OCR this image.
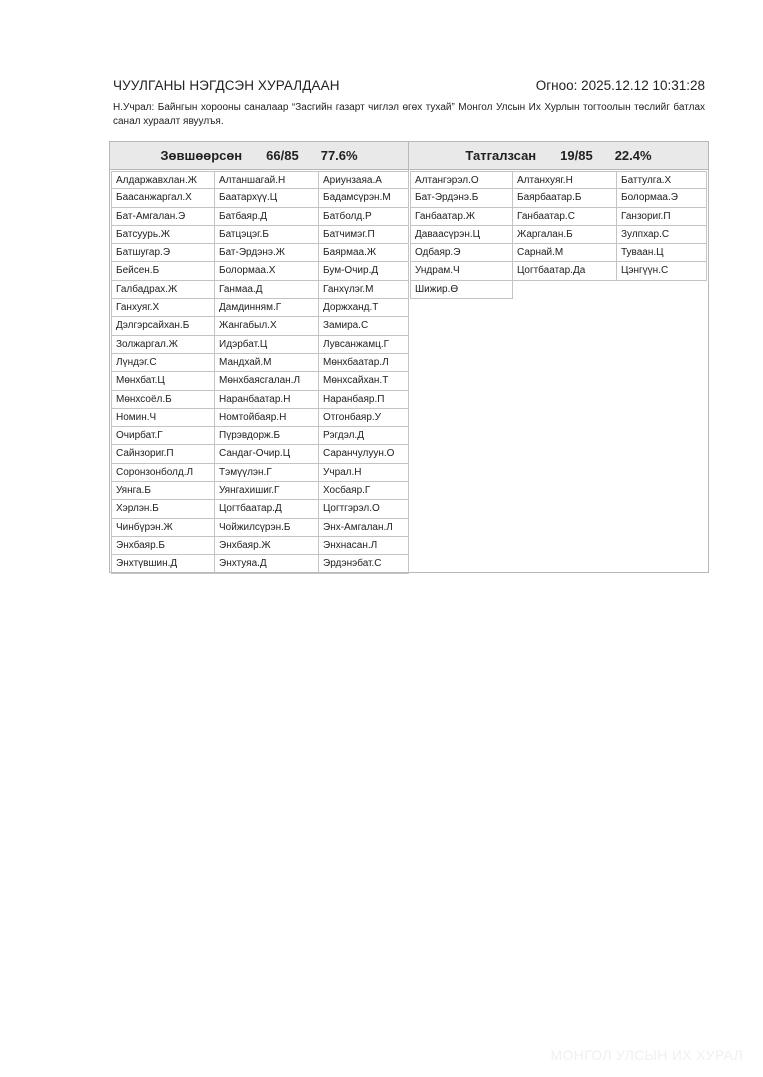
ЧУУЛГАНЫ НЭГДСЭН ХУРАЛДААН	Огноо: 2025.12.12 10:31:28
Н.Учрал: Байнгын хорооны саналаар “Засгийн газарт чиглэл өгөх тухай” Монгол Улсын Их Хурлын тогтоолын төслийг батлах санал хураалт явуулъя.
Зөвшөөрсөн 66/85 77.6%
Алдаржавхлан.Ж	Алтаншагай.Н	Ариунзаяа.А
Баасанжаргал.Х	Баатархүү.Ц	Бадамсүрэн.М
Бат-Амгалан.Э	Батбаяр.Д	Батболд.Р
Батсуурь.Ж	Батцэцэг.Б	Батчимэг.П
Батшугар.Э	Бат-Эрдэнэ.Ж	Баярмаа.Ж
Бейсен.Б	Болормаа.Х	Бум-Очир.Д
Галбадрах.Ж	Ганмаа.Д	Ганхүлэг.М
Ганхуяг.Х	Дамдинням.Г	Доржханд.Т
Дэлгэрсайхан.Б	Жангабыл.Х	Замира.С
Золжаргал.Ж	Идэрбат.Ц	Лувсанжамц.Г
Лүндэг.С	Мандхай.М	Мөнхбаатар.Л
Мөнхбат.Ц	Мөнхбаясгалан.Л	Мөнхсайхан.Т
Мөнхсоёл.Б	Наранбаатар.Н	Наранбаяр.П
Номин.Ч	Номтойбаяр.Н	Отгонбаяр.У
Очирбат.Г	Пүрэвдорж.Б	Рэгдэл.Д
Сайнзориг.П	Сандаг-Очир.Ц	Саранчулуун.О
Соронзонболд.Л	Тэмүүлэн.Г	Учрал.Н
Уянга.Б	Уянгахишиг.Г	Хосбаяр.Г
Хэрлэн.Б	Цогтбаатар.Д	Цогтгэрэл.О
Чинбүрэн.Ж	Чойжилсүрэн.Б	Энх-Амгалан.Л
Энхбаяр.Б	Энхбаяр.Ж	Энхнасан.Л
Энхтүвшин.Д	Энхтуяа.Д	Эрдэнэбат.С
Татгалзсан 19/85 22.4%
Алтангэрэл.О	Алтанхуяг.Н	Баттулга.Х
Бат-Эрдэнэ.Б	Баярбаатар.Б	Болормаа.Э
Ганбаатар.Ж	Ганбаатар.С	Ганзориг.П
Даваасүрэн.Ц	Жаргалан.Б	Зулпхар.С
Одбаяр.Э	Сарнай.М	Туваан.Ц
Ундрам.Ч	Цогтбаатар.Да	Цэнгүүн.С
Шижир.Ө
МОНГОЛ УЛСЫН ИХ ХУРАЛ
